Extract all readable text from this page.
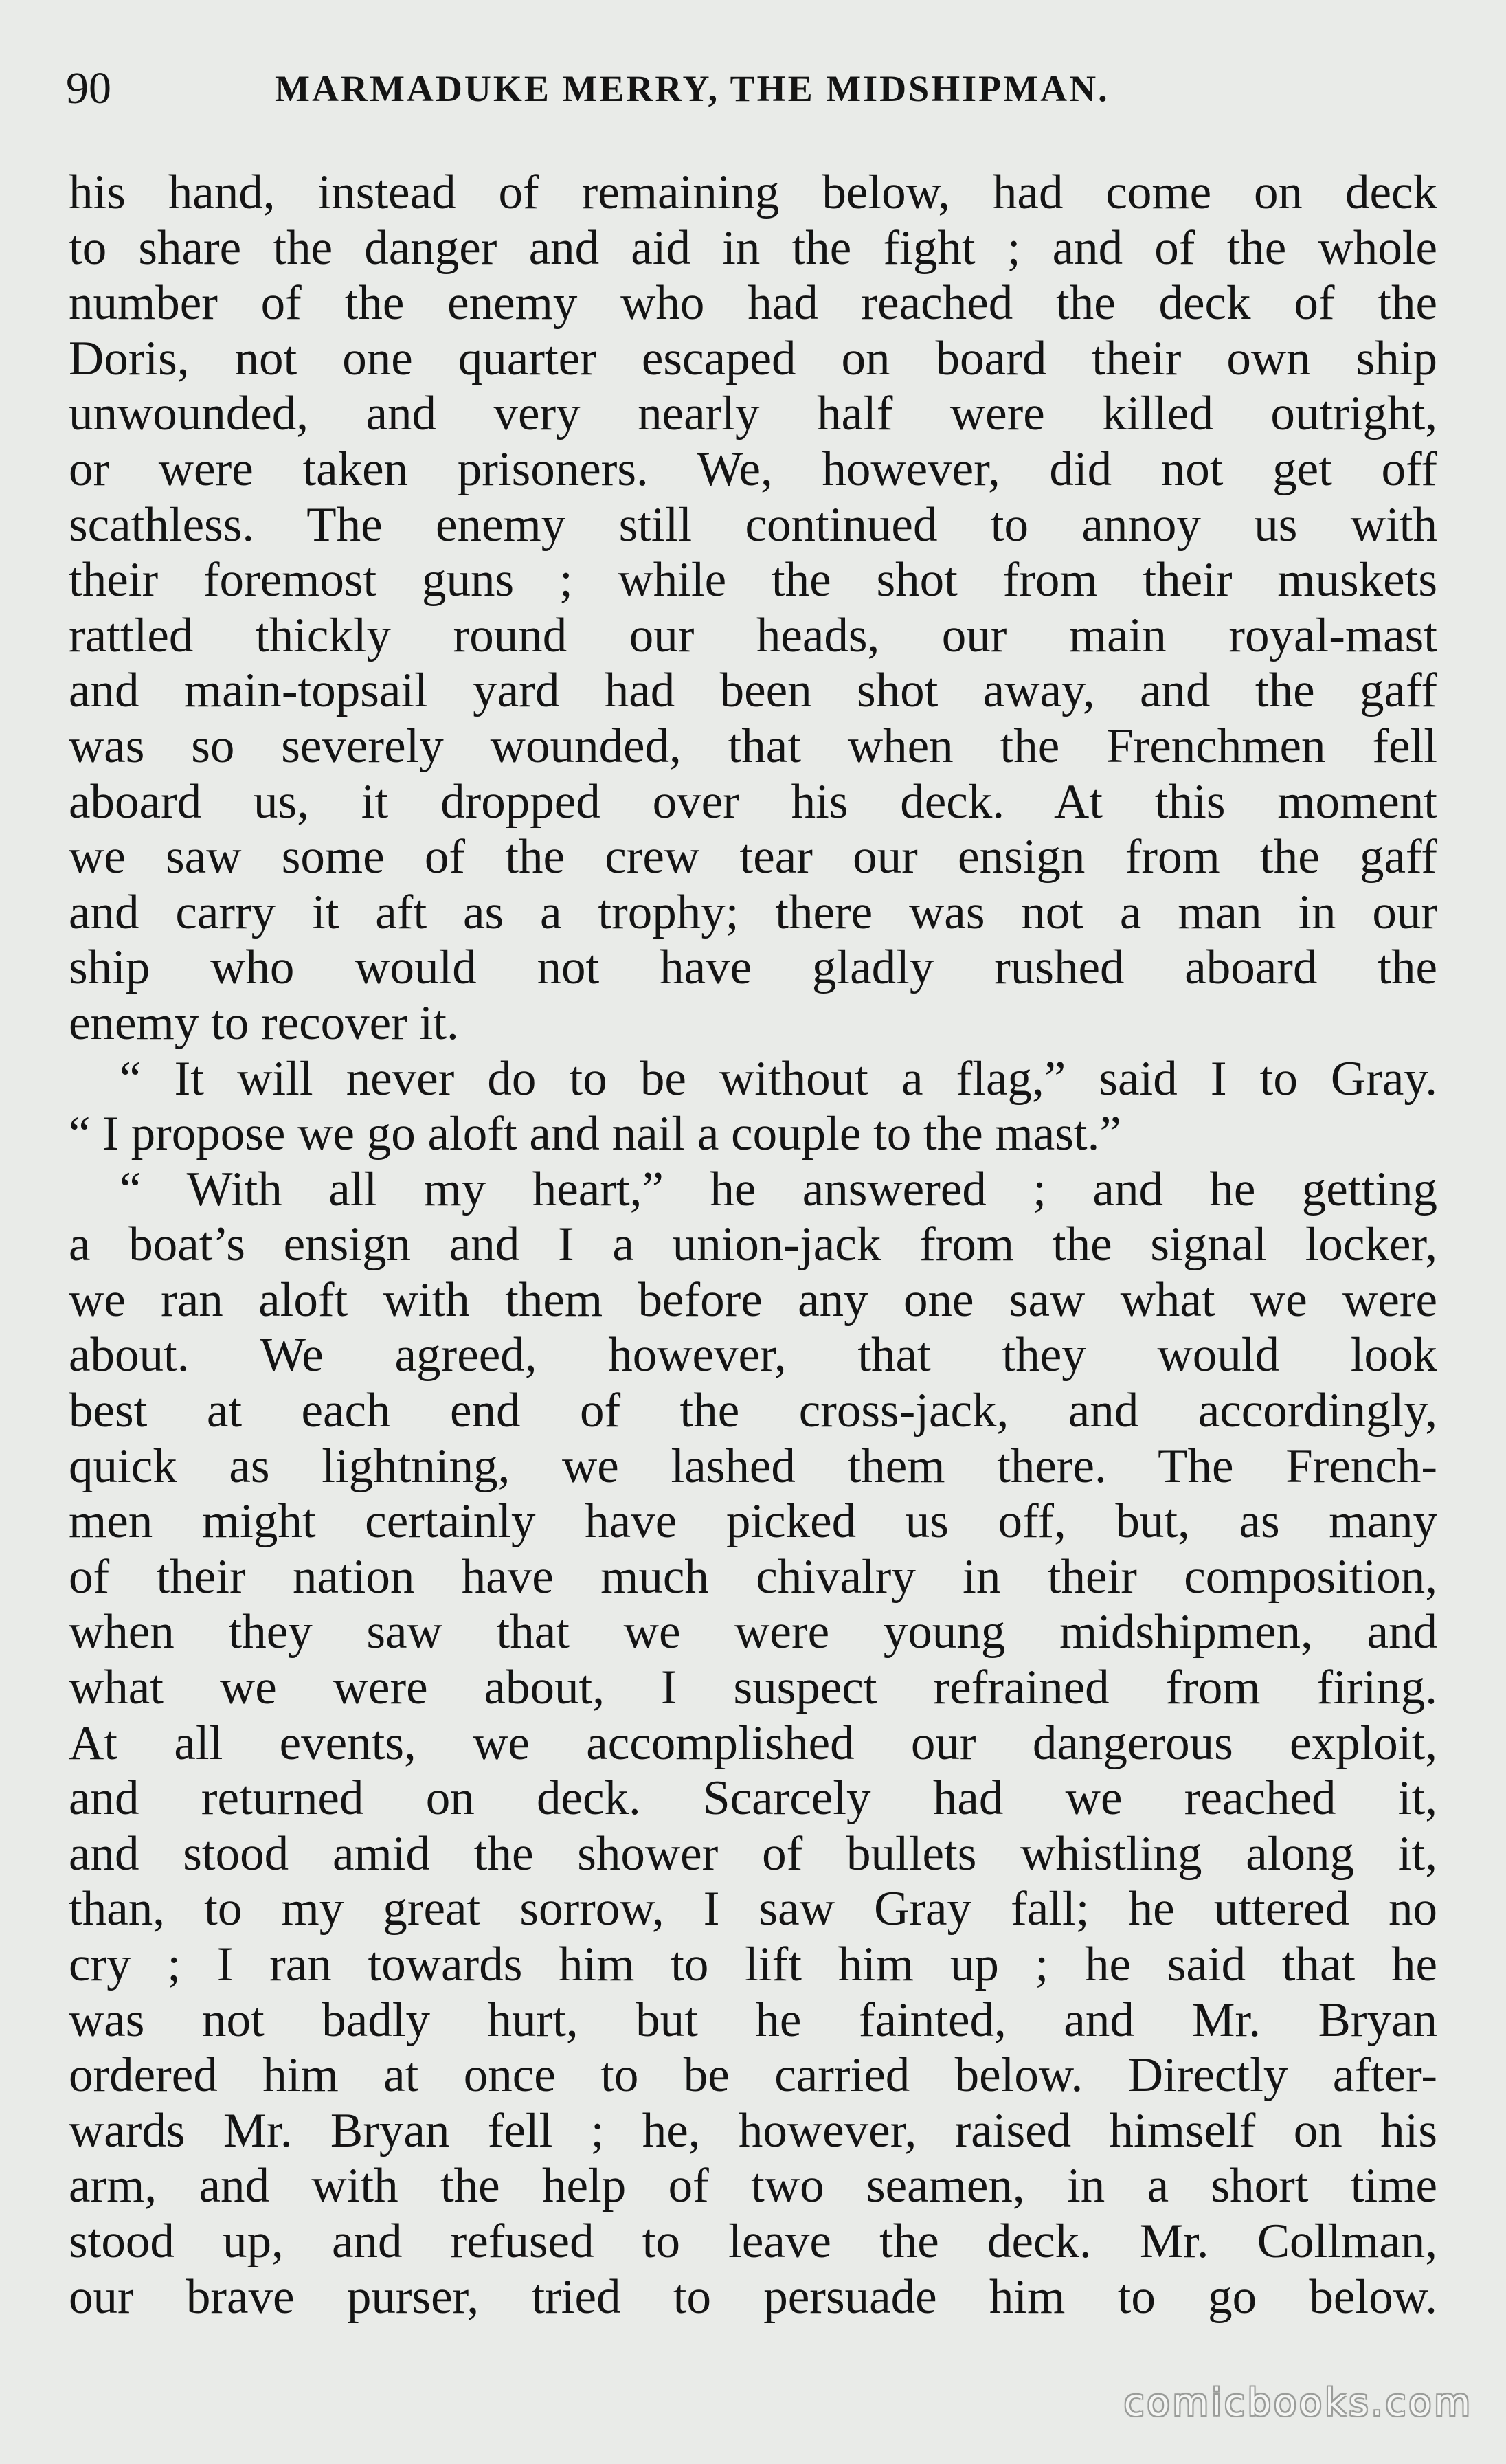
90	MARMADUKE MERRY, THE MIDSHIPMAN.
his hand, instead of remaining below, had come on deck
to share the danger and aid in the fight ; and of the whole
number of the enemy who had reached the deck of the
Doris, not one quarter escaped on board their own ship
unwounded, and very nearly half were killed outright,
or were taken prisoners. We, however, did not get off
scathless. The enemy still continued to annoy us with
their foremost guns ; while the shot from their muskets
rattled thickly round our heads, our main royal-mast
and main-topsail yard had been shot away, and the gaff
was so severely wounded, that when the Frenchmen fell
aboard us, it dropped over his deck. At this moment
we saw some of the crew tear our ensign from the gaff
and carry it aft as a trophy; there was not a man in our
ship who would not have gladly rushed aboard the
enemy to recover it.
“ It will never do to be without a flag,” said I to Gray.
“ I propose we go aloft and nail a couple to the mast.”
“ With all my heart,” he answered ; and he getting
a boat’s ensign and I a union-jack from the signal locker,
we ran aloft with them before any one saw what we were
about. We agreed, however, that they would look
best at each end of the cross-jack, and accordingly,
quick as lightning, we lashed them there. The French-
men might certainly have picked us off, but, as many
of their nation have much chivalry in their composition,
when they saw that we were young midshipmen, and
what we were about, I suspect refrained from firing.
At all events, we accomplished our dangerous exploit,
and returned on deck. Scarcely had we reached it,
and stood amid the shower of bullets whistling along it,
than, to my great sorrow, I saw Gray fall; he uttered no
cry ; I ran towards him to lift him up ; he said that he
was not badly hurt, but he fainted, and Mr. Bryan
ordered him at once to be carried below. Directly after-
wards Mr. Bryan fell ; he, however, raised himself on his
arm, and with the help of two seamen, in a short time
stood up, and refused to leave the deck. Mr. Collman,
our brave purser, tried to persuade him to go below.
comicbooks.com
